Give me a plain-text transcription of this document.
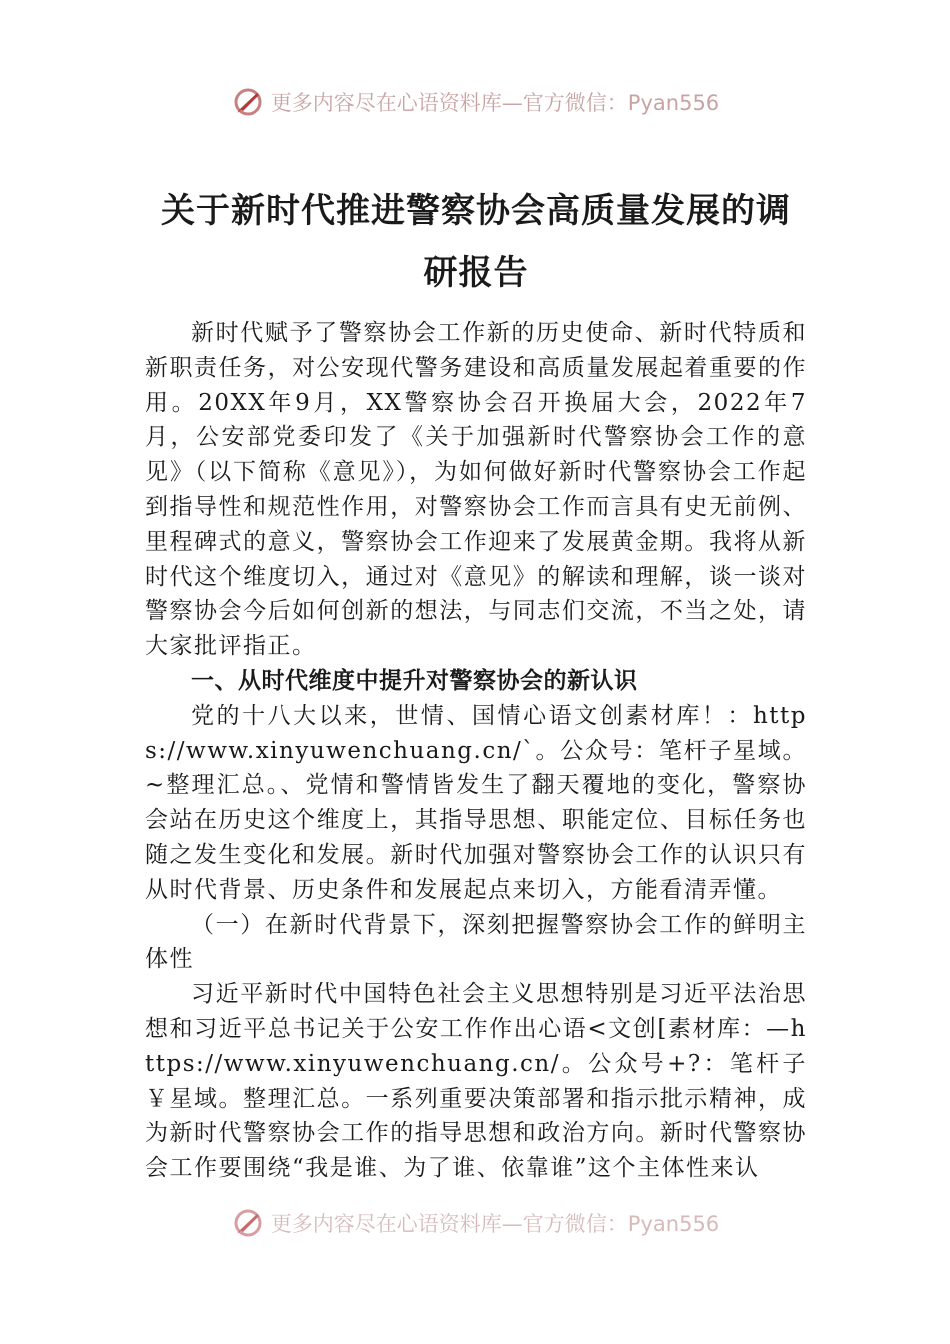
更多内容尽在心语资料库—官方微信：Pyan556
关于新时代推进警察协会高质量发展的调研报告

新时代赋予了警察协会工作新的历史使命、新时代特质和新职责任务，对公安现代警务建设和高质量发展起着重要的作用。20XX年9月，XX警察协会召开换届大会，2022年7月，公安部党委印发了《关于加强新时代警察协会工作的意见》（以下简称《意见》），为如何做好新时代警察协会工作起到指导性和规范性作用，对警察协会工作而言具有史无前例、里程碑式的意义，警察协会工作迎来了发展黄金期。我将从新时代这个维度切入，通过对《意见》的解读和理解，谈一谈对警察协会今后如何创新的想法，与同志们交流，不当之处，请大家批评指正。

一、从时代维度中提升对警察协会的新认识

党的十八大以来，世情、国情心语文创素材库！：https://www.xinyuwenchuang.cn/`。公众号：笔杆子星域。~整理汇总。、党情和警情皆发生了翻天覆地的变化，警察协会站在历史这个维度上，其指导思想、职能定位、目标任务也随之发生变化和发展。新时代加强对警察协会工作的认识只有从时代背景、历史条件和发展起点来切入，方能看清弄懂。

（一）在新时代背景下，深刻把握警察协会工作的鲜明主体性

习近平新时代中国特色社会主义思想特别是习近平法治思想和习近平总书记关于公安工作作出心语<文创[素材库：—https://www.xinyuwenchuang.cn/。公众号+?：笔杆子￥星域。整理汇总。一系列重要决策部署和指示批示精神，成为新时代警察协会工作的指导思想和政治方向。新时代警察协会工作要围绕“我是谁、为了谁、依靠谁”这个主体性来认

更多内容尽在心语资料库—官方微信：Pyan556
